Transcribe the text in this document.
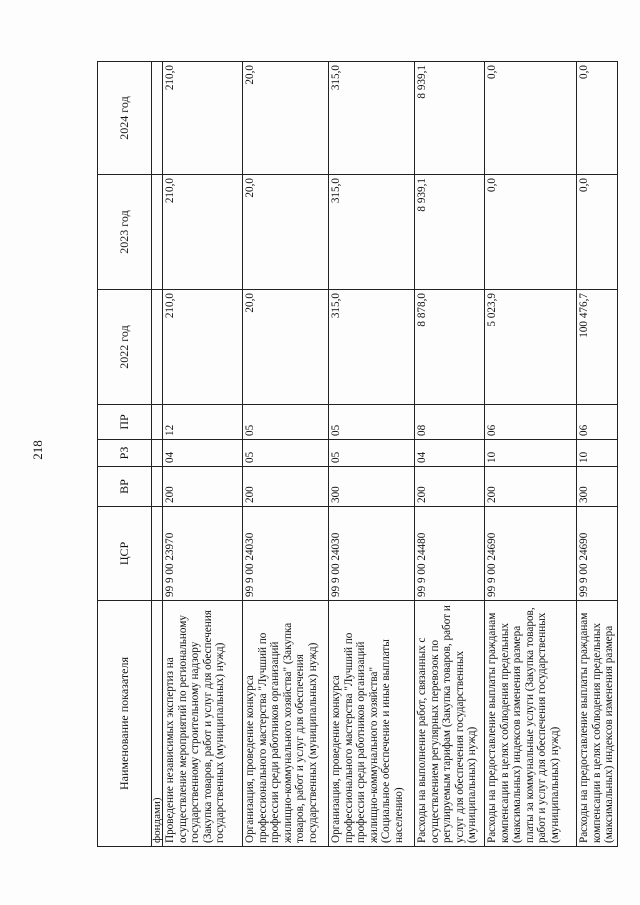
218
Наименование показателя	ЦСР	ВР	РЗ	ПР	2022 год	2023 год	2024 год
фондами)							
Проведение независимых экспертиз на осуществление мероприятий по региональному государственному строительному надзору (Закупка товаров, работ и услуг для обеспечения государственных (муниципальных) нужд)	99 9 00 23970	200	04	12	210,0	210,0	210,0
Организация, проведение конкурса профессионального мастерства "Лучший по профессии среди работников организаций жилищно-коммунального хозяйства" (Закупка товаров, работ и услуг для обеспечения государственных (муниципальных) нужд)	99 9 00 24030	200	05	05	20,0	20,0	20,0
Организация, проведение конкурса профессионального мастерства "Лучший по профессии среди работников организаций жилищно-коммунального хозяйства" (Социальное обеспечение и иные выплаты населению)	99 9 00 24030	300	05	05	315,0	315,0	315,0
Расходы на выполнение работ, связанных с осуществлением регулярных перевозок по регулируемым тарифам (Закупка товаров, работ и услуг для обеспечения государственных (муниципальных) нужд)	99 9 00 24480	200	04	08	8 878,0	8 939,1	8 939,1
Расходы на предоставление выплаты гражданам компенсации в целях соблюдения предельных (максимальных) индексов изменения размера платы за коммунальные услуги (Закупка товаров, работ и услуг для обеспечения государственных (муниципальных) нужд)	99 9 00 24690	200	10	06	5 023,9	0,0	0,0
Расходы на предоставление выплаты гражданам компенсации в целях соблюдения предельных (максимальных) индексов изменения размера	99 9 00 24690	300	10	06	100 476,7	0,0	0,0
